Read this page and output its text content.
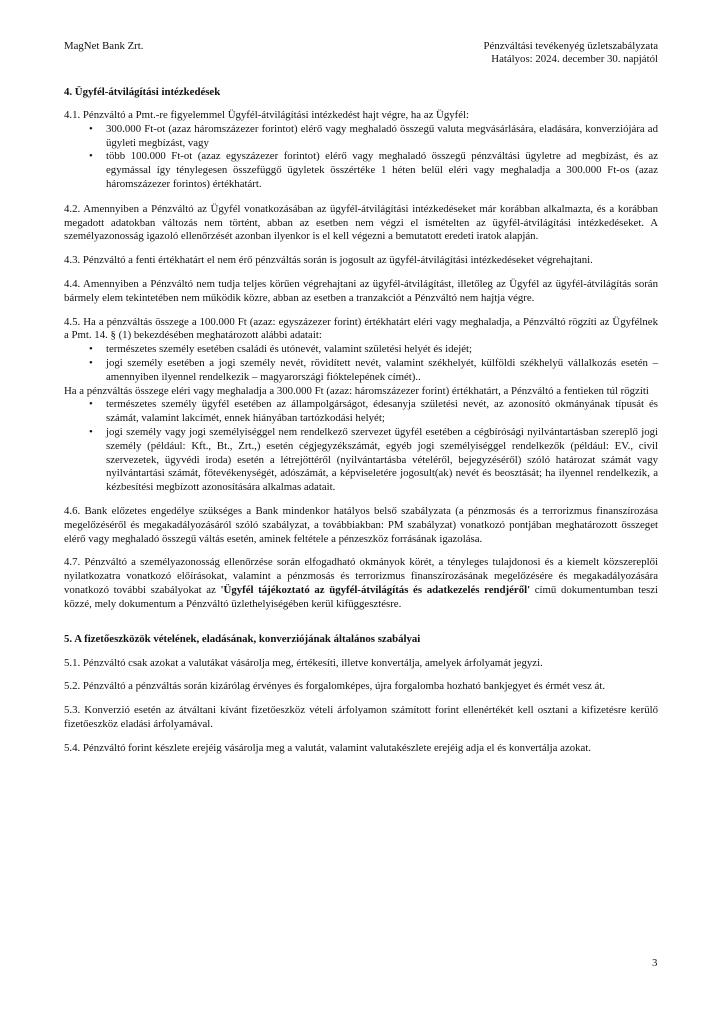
MagNet Bank Zrt.	Pénzváltási tevékenyég üzletszabályzata
Hatályos: 2024. december 30. napjától
4. Ügyfél-átvilágítási intézkedések

4.1. Pénzváltó a Pmt.-re figyelemmel Ügyfél-átvilágítási intézkedést hajt végre, ha az Ügyfél:

• 300.000 Ft-ot (azaz háromszázezer forintot) elérő vagy meghaladó összegű valuta megvásárlására, eladására, konverziójára ad ügyleti megbízást, vagy
• több 100.000 Ft-ot (azaz egyszázezer forintot) elérő vagy meghaladó összegű pénzváltási ügyletre ad megbízást, és az egymással így ténylegesen összefüggő ügyletek összértéke 1 héten belül eléri vagy meghaladja a 300.000 Ft-os (azaz háromszázezer forintos) értékhatárt.

4.2. Amennyiben a Pénzváltó az Ügyfél vonatkozásában az ügyfél-átvilágítási intézkedéseket már korábban alkalmazta, és a korábban megadott adatokban változás nem történt, abban az esetben nem végzi el ismételten az ügyfél-átvilágítási intézkedéseket. A személyazonosság igazoló ellenőrzését azonban ilyenkor is el kell végezni a bemutatott eredeti iratok alapján.

4.3. Pénzváltó a fenti értékhatárt el nem érő pénzváltás során is jogosult az ügyfél-átvilágítási intézkedéseket végrehajtani.

4.4. Amennyiben a Pénzváltó nem tudja teljes körűen végrehajtani az ügyfél-átvilágítást, illetőleg az Ügyfél az ügyfél-átvilágítás során bármely elem tekintetében nem működik közre, abban az esetben a tranzakciót a Pénzváltó nem hajtja végre.

4.5. Ha a pénzváltás összege a 100.000 Ft (azaz: egyszázezer forint) értékhatárt eléri vagy meghaladja, a Pénzváltó rögzíti az Ügyfélnek a Pmt. 14. § (1) bekezdésében meghatározott alábbi adatait:

• természetes személy esetében családi és utónevét, valamint születési helyét és idejét;
• jogi személy esetében a jogi személy nevét, rövidített nevét, valamint székhelyét, külföldi székhelyű vállalkozás esetén – amennyiben ilyennel rendelkezik – magyarországi fióktelepének címét)..

Ha a pénzváltás összege eléri vagy meghaladja a 300.000 Ft (azaz: háromszázezer forint) értékhatárt, a Pénzváltó a fentieken túl rögzíti

• természetes személy ügyfél esetében az állampolgárságot, édesanyja születési nevét, az azonosító okmányának típusát és számát, valamint lakcímét, ennek hiányában tartózkodási helyét;
• jogi személy vagy jogi személyiséggel nem rendelkező szervezet ügyfél esetében a cégbírósági nyilvántartásban szereplő jogi személy (például: Kft., Bt., Zrt.,) esetén cégjegyzékszámát, egyéb jogi személyiséggel rendelkezők (például: EV., civil szervezetek, ügyvédi iroda) esetén a létrejöttéről (nyilvántartásba vételéről, bejegyzéséről) szóló határozat számát vagy nyilvántartási számát, főtevékenységét, adószámát, a képviseletére jogosult(ak) nevét és beosztását; ha ilyennel rendelkezik, a kézbesítési megbízott azonosítására alkalmas adatait.

4.6. Bank előzetes engedélye szükséges a Bank mindenkor hatályos belső szabályzata (a pénzmosás és a terrorizmus finanszírozása megelőzéséről és megakadályozásáról szóló szabályzat, a továbbiakban: PM szabályzat) vonatkozó pontjában meghatározott összeget elérő vagy meghaladó összegű váltás esetén, aminek feltétele a pénzeszköz forrásának igazolása.

4.7. Pénzváltó a személyazonosság ellenőrzése során elfogadható okmányok körét, a tényleges tulajdonosi és a kiemelt közszereplői nyilatkozatra vonatkozó előírásokat, valamint a pénzmosás és terrorizmus finanszírozásának megelőzésére és megakadályozására vonatkozó további szabályokat az 'Ügyfél tájékoztató az ügyfél-átvilágítás és adatkezelés rendjéről' című dokumentumban teszi közzé, mely dokumentum a Pénzváltó üzlethelyiségében kerül kifüggesztésre.

5. A fizetőeszközök vételének, eladásának, konverziójának általános szabályai

5.1. Pénzváltó csak azokat a valutákat vásárolja meg, értékesíti, illetve konvertálja, amelyek árfolyamát jegyzi.

5.2. Pénzváltó a pénzváltás során kizárólag érvényes és forgalomképes, újra forgalomba hozható bankjegyet és érmét vesz át.

5.3. Konverzió esetén az átváltani kívánt fizetőeszköz vételi árfolyamon számított forint ellenértékét kell osztani a kifizetésre kerülő fizetőeszköz eladási árfolyamával.

5.4. Pénzváltó forint készlete erejéig vásárolja meg a valutát, valamint valutakészlete erejéig adja el és konvertálja azokat.

3
